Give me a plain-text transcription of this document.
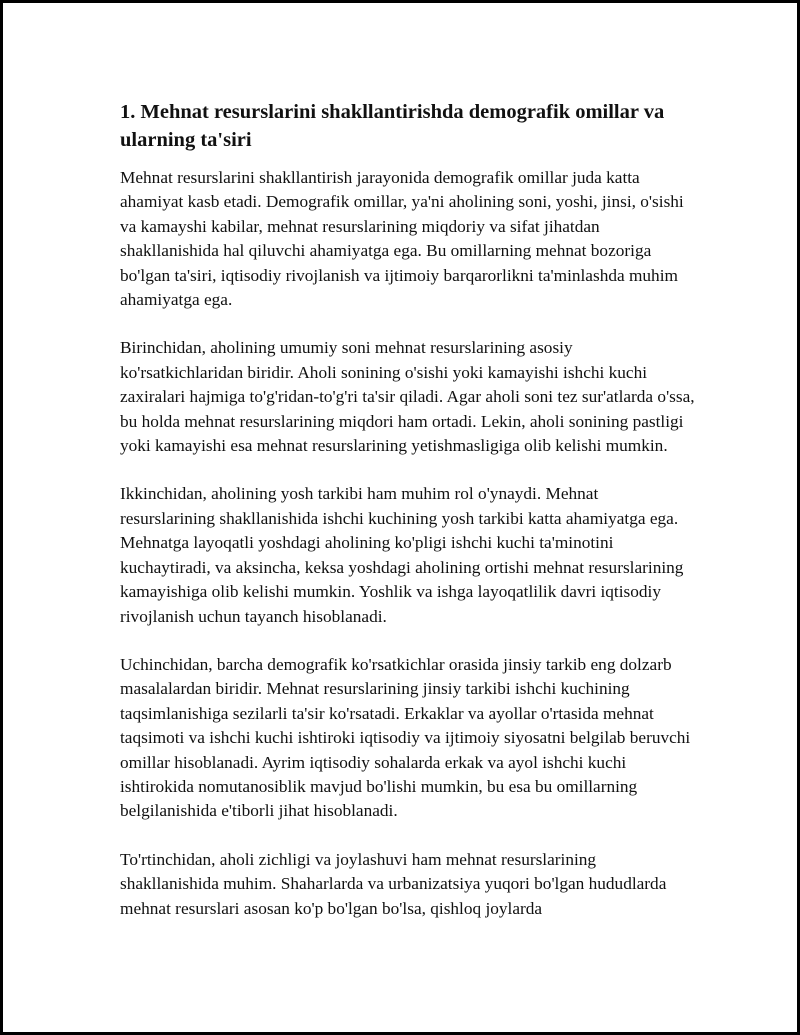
1. Mehnat resurslarini shakllantirishda demografik omillar va ularning ta'siri

Mehnat resurslarini shakllantirish jarayonida demografik omillar juda katta ahamiyat kasb etadi. Demografik omillar, ya'ni aholining soni, yoshi, jinsi, o'sishi va kamayshi kabilar, mehnat resurslarining miqdoriy va sifat jihatdan shakllanishida hal qiluvchi ahamiyatga ega. Bu omillarning mehnat bozoriga bo'lgan ta'siri, iqtisodiy rivojlanish va ijtimoiy barqarorlikni ta'minlashda muhim ahamiyatga ega.

Birinchidan, aholining umumiy soni mehnat resurslarining asosiy ko'rsatkichlaridan biridir. Aholi sonining o'sishi yoki kamayishi ishchi kuchi zaxiralari hajmiga to'g'ridan-to'g'ri ta'sir qiladi. Agar aholi soni tez sur'atlarda o'ssa, bu holda mehnat resurslarining miqdori ham ortadi. Lekin, aholi sonining pastligi yoki kamayishi esa mehnat resurslarining yetishmasligiga olib kelishi mumkin.

Ikkinchidan, aholining yosh tarkibi ham muhim rol o'ynaydi. Mehnat resurslarining shakllanishida ishchi kuchining yosh tarkibi katta ahamiyatga ega. Mehnatga layoqatli yoshdagi aholining ko'pligi ishchi kuchi ta'minotini kuchaytiradi, va aksincha, keksa yoshdagi aholining ortishi mehnat resurslarining kamayishiga olib kelishi mumkin. Yoshlik va ishga layoqatlilik davri iqtisodiy rivojlanish uchun tayanch hisoblanadi.

Uchinchidan, barcha demografik ko'rsatkichlar orasida jinsiy tarkib eng dolzarb masalalardan biridir. Mehnat resurslarining jinsiy tarkibi ishchi kuchining taqsimlanishiga sezilarli ta'sir ko'rsatadi. Erkaklar va ayollar o'rtasida mehnat taqsimoti va ishchi kuchi ishtiroki iqtisodiy va ijtimoiy siyosatni belgilab beruvchi omillar hisoblanadi. Ayrim iqtisodiy sohalarda erkak va ayol ishchi kuchi ishtirokida nomutanosiblik mavjud bo'lishi mumkin, bu esa bu omillarning belgilanishida e'tiborli jihat hisoblanadi.

To'rtinchidan, aholi zichligi va joylashuvi ham mehnat resurslarining shakllanishida muhim. Shaharlarda va urbanizatsiya yuqori bo'lgan hududlarda mehnat resurslari asosan ko'p bo'lgan bo'lsa, qishloq joylarda
